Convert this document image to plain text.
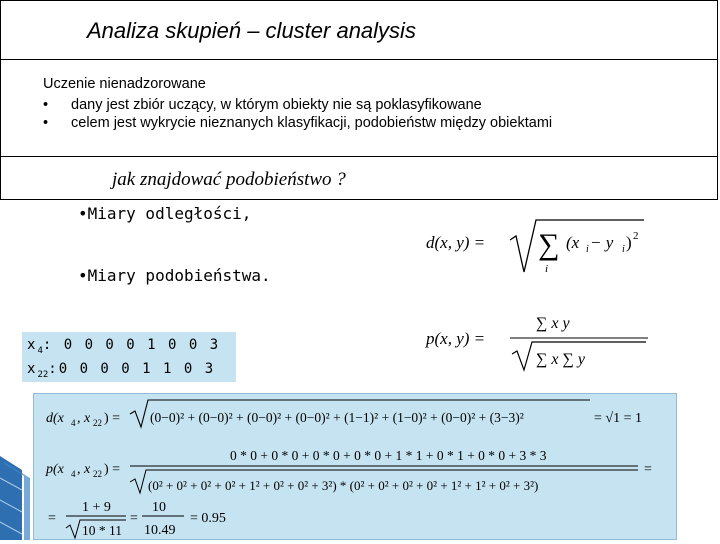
Analiza skupień – cluster analysis
Uczenie nienadzorowane
• dany jest zbiór uczący, w którym obiekty nie są poklasyfikowane
• celem jest wykrycie nieznanych klasyfikacji, podobieństw między obiektami
jak znajdować podobieństwo ?
•Miary odległości,
•Miary podobieństwa.
d(x, y) = ∑
i
(x i − y i ) 2
p(x, y) =
∑ x y
∑ x ∑ y
$x_4$: 0 0 0 0 1 0 0 3
$x_{22}:0$ 0 0 0 1 1 0 3
d(x 4 , x 22 ) = (0−0)² + (0−0)² + (0−0)² + (0−0)² + (1−1)² + (1−0)² + (0−0)² + (3−3)²	= √1 = 1
p(x 4 , x 22 ) =
0 * 0 + 0 * 0 + 0 * 0 + 0 * 0 + 1 * 1 + 0 * 1 + 0 * 0 + 3 * 3
(0² + 0² + 0² + 0² + 1² + 0² + 0² + 3²) * (0² + 0² + 0² + 0² + 1² + 1² + 0² + 3²)
=
=
1 + 9
10 * 11
=
10
10.49
= 0.95
